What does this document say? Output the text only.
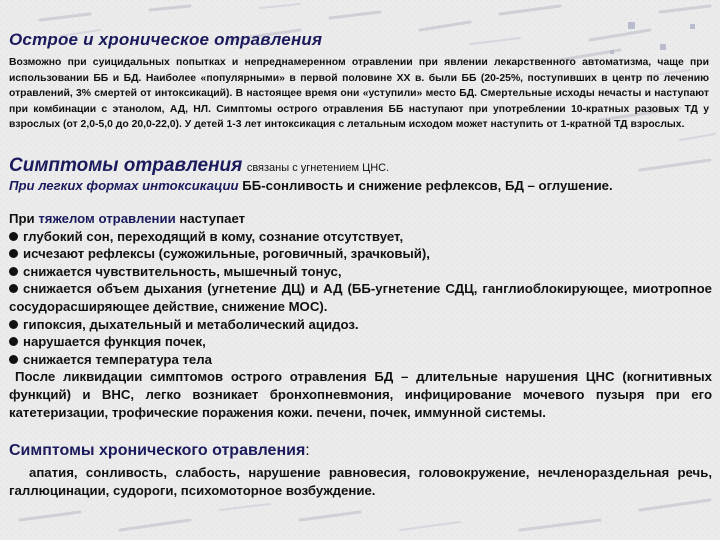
Острое и хроническое отравления
Возможно при суицидальных попытках и непреднамеренном отравлении при явлении лекарственного автоматизма, чаще при использовании ББ и БД. Наиболее «популярными» в первой половине ХХ в. были ББ (20-25%, поступивших в центр по лечению отравлений, 3% смертей от интоксикаций). В настоящее время они «уступили» место БД. Смертельные исходы нечасты и наступают при комбинации с этанолом, АД, НЛ. Симптомы острого отравления ББ наступают при употреблении 10-кратных разовых ТД у взрослых (от 2,0-5,0 до 20,0-22,0). У детей 1-3 лет интоксикация с летальным исходом может наступить от 1-кратной ТД взрослых.
Симптомы отравления связаны с угнетением ЦНС.
При легких формах интоксикации ББ-сонливость и снижение рефлексов, БД – оглушение.
При тяжелом отравлении наступает
глубокий сон, переходящий в кому, сознание отсутствует,
исчезают рефлексы (сужожильные, роговичный, зрачковый),
снижается чувствительность, мышечный тонус,
снижается объем дыхания (угнетение ДЦ) и АД (ББ-угнетение СДЦ, ганглиоблокирующее, миотропное сосудорасширяющее действие, снижение МОС).
гипоксия, дыхательный и метаболический ацидоз.
нарушается функция почек,
снижается температура тела
После ликвидации симптомов острого отравления БД – длительные нарушения ЦНС (когнитивных функций) и ВНС, легко возникает бронхопневмония, инфицирование мочевого пузыря при его катетеризации, трофические поражения кожи. печени, почек, иммунной системы.
Симптомы хронического отравления:
апатия, сонливость, слабость, нарушение равновесия, головокружение, нечленораздельная речь, галлюцинации, судороги, психомоторное возбуждение.
